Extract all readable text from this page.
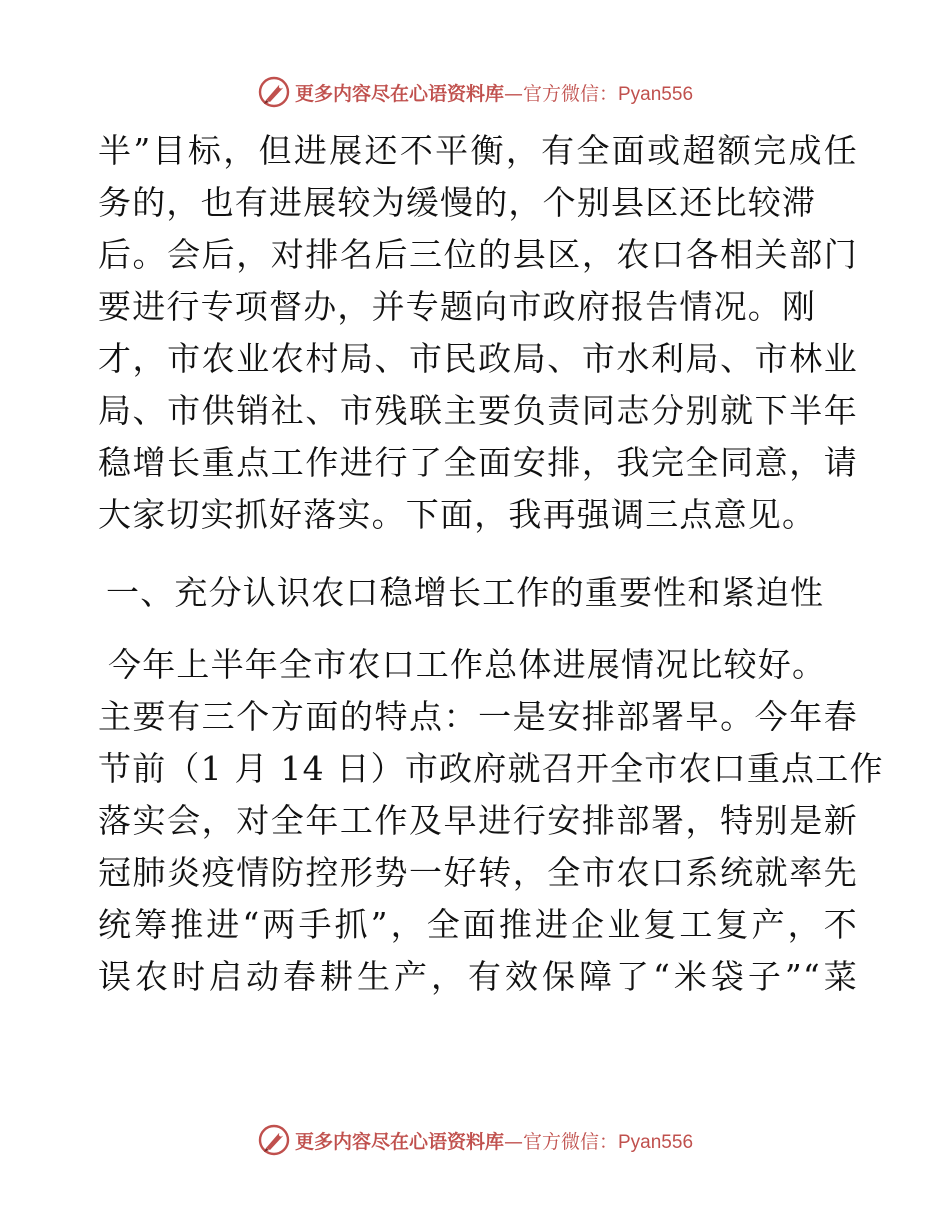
更多内容尽在心语资料库—官方微信：Pyan556
半”目标，但进展还不平衡，有全面或超额完成任
务的，也有进展较为缓慢的，个别县区还比较滞
后。会后，对排名后三位的县区，农口各相关部门
要进行专项督办，并专题向市政府报告情况。刚
才，市农业农村局、市民政局、市水利局、市林业
局、市供销社、市残联主要负责同志分别就下半年
稳增长重点工作进行了全面安排，我完全同意，请
大家切实抓好落实。下面，我再强调三点意见。
一、充分认识农口稳增长工作的重要性和紧迫性
今年上半年全市农口工作总体进展情况比较好。
主要有三个方面的特点：一是安排部署早。今年春
节前（1 月 14 日）市政府就召开全市农口重点工作
落实会，对全年工作及早进行安排部署，特别是新
冠肺炎疫情防控形势一好转，全市农口系统就率先
统筹推进“两手抓”，全面推进企业复工复产，不
误农时启动春耕生产，有效保障了“米袋子”“菜
更多内容尽在心语资料库—官方微信：Pyan556
